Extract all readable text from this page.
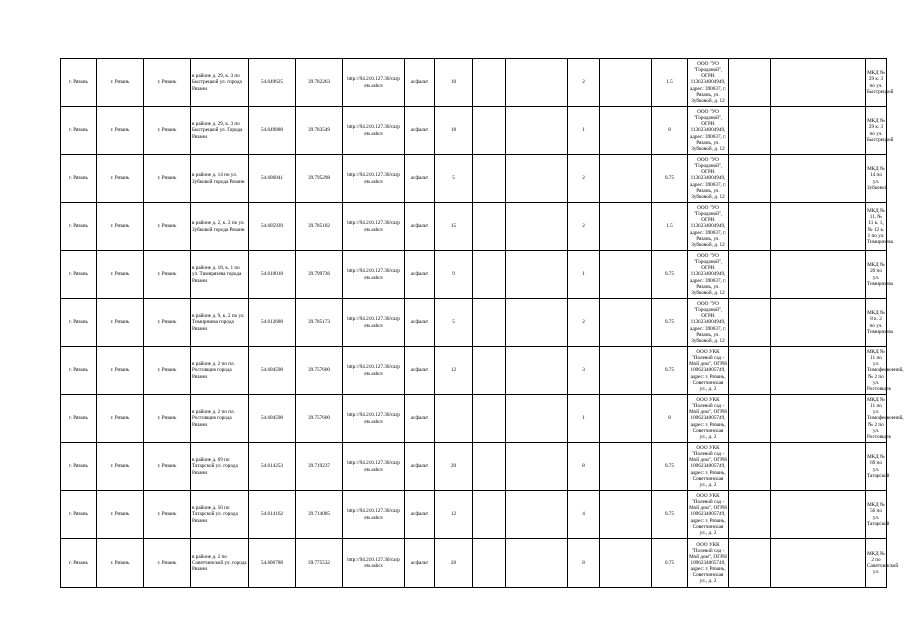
г. Рязань	г. Рязань	г. Рязань	в районе д. 29, к. 3 по Быстрецкой ул. города Рязани	54.649625	39.782263	http://94.210.127.30/carp ets.ashcs	асфальт	10			2		1.5	ООО "УО "Городовой", ОГРН 1136234004949, адрес: 390037, г. Рязань, ул. Зубковой, д. 12			МКД № 29 к. 3 по ул. Быстрецкой
г. Рязань	г. Рязань	г. Рязань	в районе д. 29, к. 3 по Быстрецкой ул. Города Рязани	54.649888	39.783549	http://94.210.127.30/carp ets.ashcs	асфальт	18			1		8	ООО "УО "Городовой", ОГРН 1136234004949, адрес: 390037, г. Рязань, ул. Зубковой, д. 12			МКД № 29 к. 3 по ул. Быстрецкой
г. Рязань	г. Рязань	г. Рязань	в районе д. 14 по ул. Зубковой города Рязани	54.606841	39.795298	http://94.210.127.30/carp ets.ashcs	асфальт	5			2		0.75	ООО "УО "Городовой", ОГРН 1136234004949, адрес: 390037, г. Рязань, ул. Зубковой, д. 12			МКД № 14 по ул. Зубковой
г. Рязань	г. Рязань	г. Рязань	в районе д. 2, к. 2 по ул. Зубковой города Рязани	54.605939	39.785182	http://94.210.127.30/carp ets.ashcs	асфальт	15			2		1.5	ООО "УО "Городовой", ОГРН 1136234004949, адрес: 390037, г. Рязань, ул. Зубковой, д. 12			МКД № 11, № 11 к. 1, № 12 к. 1 по ул. Тимирязева
г. Рязань	г. Рязань	г. Рязань	в районе д. 18, к. 1 по ул. Тимирязева города Рязани	54.610018	39.799736	http://94.210.127.30/carp ets.ashcs	асфальт	9			1		0.75	ООО "УО "Городовой", ОГРН 1136234004949, адрес: 390037, г. Рязань, ул. Зубковой, д. 12			МКД № 20 по ул. Тимирязева
г. Рязань	г. Рязань	г. Рязань	в районе д. 9, к. 2 по ул. Тимирязева города Рязани	54.612688	39.785173	http://94.210.127.30/carp ets.ashcs	асфальт	5			2		0.75	ООО "УО "Городовой", ОГРН 1136234004949, адрес: 390037, г. Рязань, ул. Зубковой, д. 12			МКД № 8 к. 2 по ул. Тимирязева
г. Рязань	г. Рязань	г. Рязань	в районе д. 2 по пл. Ростовщев города Рязани	54.604598	39.757600	http://94.210.127.30/carp ets.ashcs	асфальт	12			3		0.75	ООО УКК "Полевой сад - Мой дом", ОГРН 1096234005749, адрес: г. Рязань, Советчинская ул., д. 2			МКД № 11 по ул. Тимофеевоений, № 2 по ул. Ростовщев
г. Рязань	г. Рязань	г. Рязань	в районе д. 2 по пл. Ростовщев города Рязани	54.604598	39.757600	http://94.210.127.30/carp ets.ashcs	асфальт				1		8	ООО УКК "Полевой сад - Мой дом", ОГРН 1096234005749, адрес: г. Рязань, Советчинская ул., д. 2			МКД № 11 по ул. Тимофеевоений, № 2 по ул. Ростовщев
г. Рязань	г. Рязань	г. Рязань	в районе д. 69 по Татарской ул. города Рязани	54.614253	39.719237	http://94.210.127.30/carp ets.ashcs	асфальт	20			8		0.75	ООО УКК "Полевой сад - Мой дом", ОГРН 1096234005749, адрес: г. Рязань, Советчинская ул., д. 2			МКД № 69 по ул. Татарской
г. Рязань	г. Рязань	г. Рязань	в районе д. 56 по Татарской ул. города Рязани	54.614162	39.714085	http://94.210.127.30/carp ets.ashcs	асфальт	12			4		0.75	ООО УКК "Полевой сад - Мой дом", ОГРН 1096234005749, адрес: г. Рязань, Советчинская ул., д. 2			МКД № 56 по ул. Татарской
г. Рязань	г. Рязань	г. Рязань	в районе д. 2 по Советчинской ул. города Рязани	54.606788	39.775532	http://94.210.127.30/carp ets.ashcs	асфальт	20			8		0.75	ООО УКК "Полевой сад - Мой дом", ОГРН 1096234005749, адрес: г. Рязань, Советчинская ул., д. 2			МКД № 2 по Советчинской ул.
